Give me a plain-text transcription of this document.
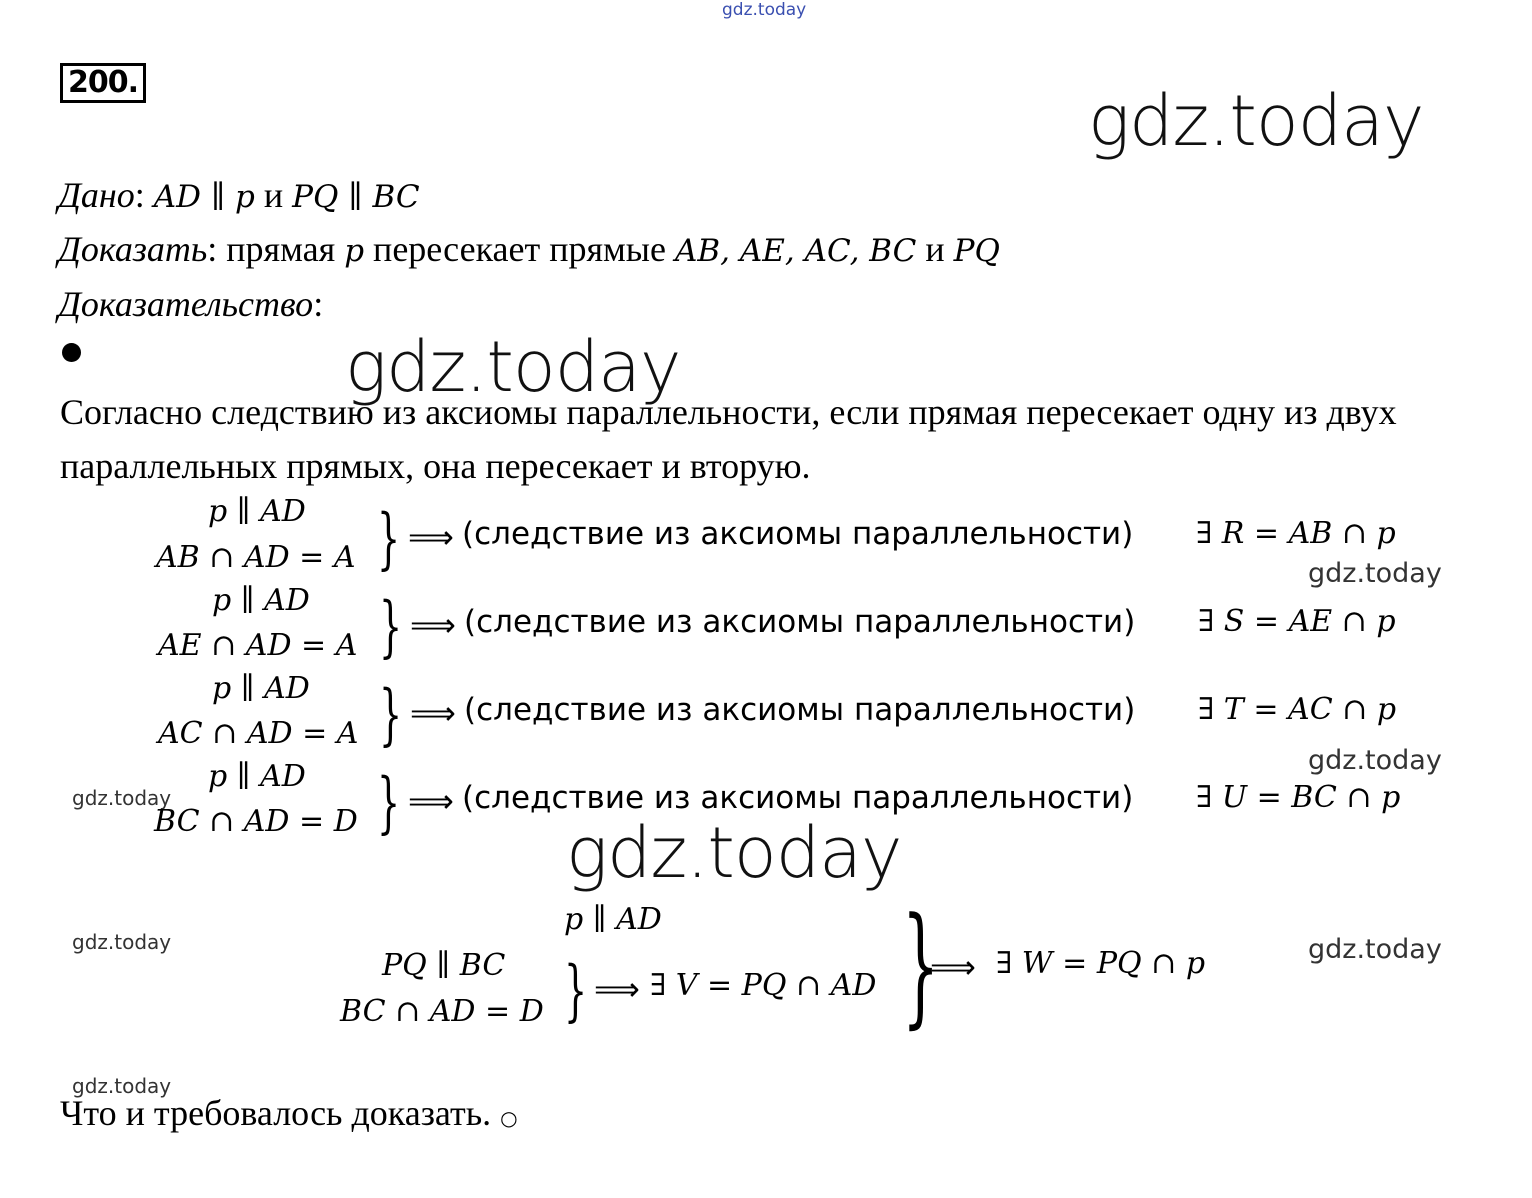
gdz.today
gdz.today
gdz.today
gdz.today
gdz.today
gdz.today
gdz.today
gdz.today
gdz.today
gdz.today
200.
Дано: AD ∥ p и PQ ∥ BC
Доказать: прямая p пересекает прямые AB, AE, AC, BC и PQ
Доказательство:
Согласно следствию из аксиомы параллельности, если прямая пересекает одну из двух
параллельных прямых, она пересекает и вторую.
p ∥ AD
AB ∩ AD = A } ⟹ (следствие из аксиомы параллельности) ∃ R = AB ∩ p
p ∥ AD
AE ∩ AD = A } ⟹ (следствие из аксиомы параллельности) ∃ S = AE ∩ p
p ∥ AD
AC ∩ AD = A } ⟹ (следствие из аксиомы параллельности) ∃ T = AC ∩ p
p ∥ AD
BC ∩ AD = D } ⟹ (следствие из аксиомы параллельности) ∃ U = BC ∩ p
p ∥ AD
PQ ∥ BC
BC ∩ AD = D } ⟹ ∃ V = PQ ∩ AD }
⟹ ∃ W = PQ ∩ p
Что и требовалось доказать. ○
